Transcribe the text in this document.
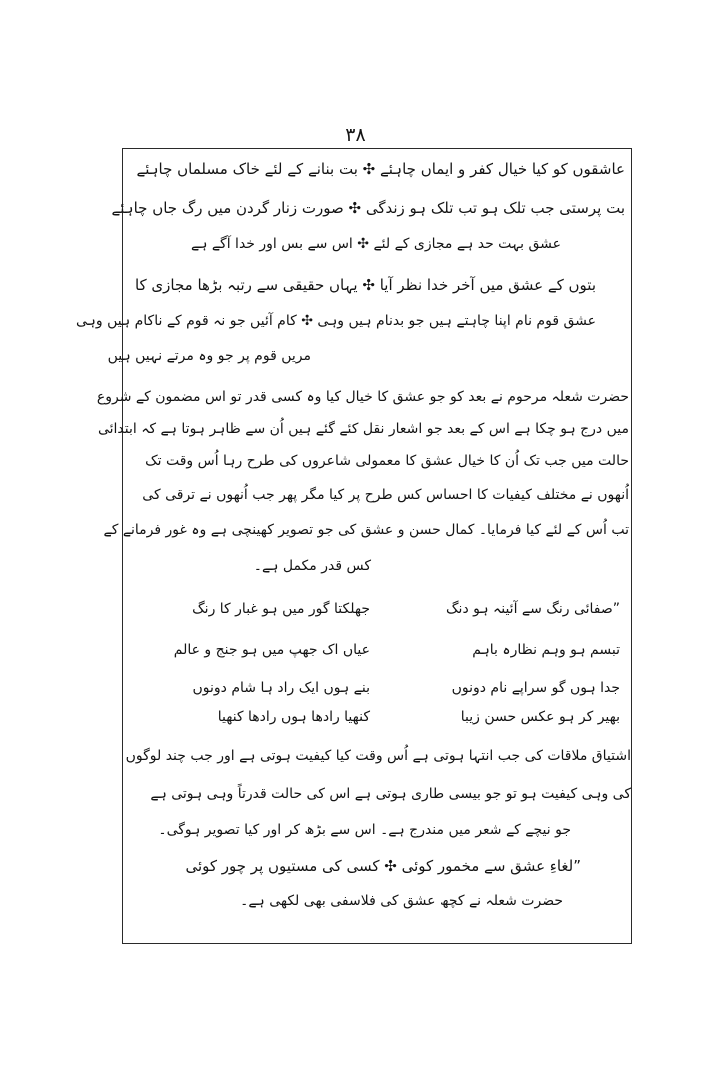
۳۸
عاشقوں کو کیا خیال کفر و ایماں چاہئے ✣ بت بنانے کے لئے خاک مسلماں چاہئے
بت پرستی جب تلک ہو تب تلک ہو زندگی ✣ صورت زنار گردن میں رگ جاں چاہئے
عشق بہت حد ہے مجازی کے لئے ✣ اس سے بس اور خدا آگے ہے
بتوں کے عشق میں آخر خدا نظر آیا ✣ یہاں حقیقی سے رتبہ بڑھا مجازی کا
عشق قوم نام اپنا چاہتے ہیں جو بدنام ہیں وہی ✣ کام آئیں جو نہ قوم کے ناکام ہیں وہی
مریں قوم پر جو وہ مرتے نہیں ہیں
حضرت شعلہ مرحوم نے بعد کو جو عشق کا خیال کیا وہ کسی قدر تو اس مضمون کے شروع
میں درج ہو چکا ہے اس کے بعد جو اشعار نقل کئے گئے ہیں اُن سے ظاہر ہوتا ہے کہ ابتدائی
حالت میں جب تک اُن کا خیال عشق کا معمولی شاعروں کی طرح رہا اُس وقت تک
اُنھوں نے مختلف کیفیات کا احساس کس طرح پر کیا مگر پھر جب اُنھوں نے ترقی کی
تب اُس کے لئے کیا فرمایا۔ کمال حسن و عشق کی جو تصویر کھینچی ہے وہ غور فرمانے کے
کس قدر مکمل ہے۔
”صفائی رنگ سے آئینہ ہو دنگ
جھلکتا گور میں ہو غبار کا رنگ
تبسم ہو وہم نظارہ باہم
عیاں اک جھپ میں ہو جنج و عالم
جدا ہوں گو سراپے نام دونوں
بنے ہوں ایک راد ہا شام دونوں
بھیر کر ہو عکس حسن زیبا
کنھیا رادھا ہوں رادھا کنھیا
اشتیاق ملاقات کی جب انتہا ہوتی ہے اُس وقت کیا کیفیت ہوتی ہے اور جب چند لوگوں
کی وہی کیفیت ہو تو جو بیسی طاری ہوتی ہے اس کی حالت قدرتاً وہی ہوتی ہے
جو نیچے کے شعر میں مندرج ہے۔ اس سے بڑھ کر اور کیا تصویر ہوگی۔
”لغاءِ عشق سے مخمور کوئی ✣ کسی کی مستیوں پر چور کوئی
حضرت شعلہ نے کچھ عشق کی فلاسفی بھی لکھی ہے۔
